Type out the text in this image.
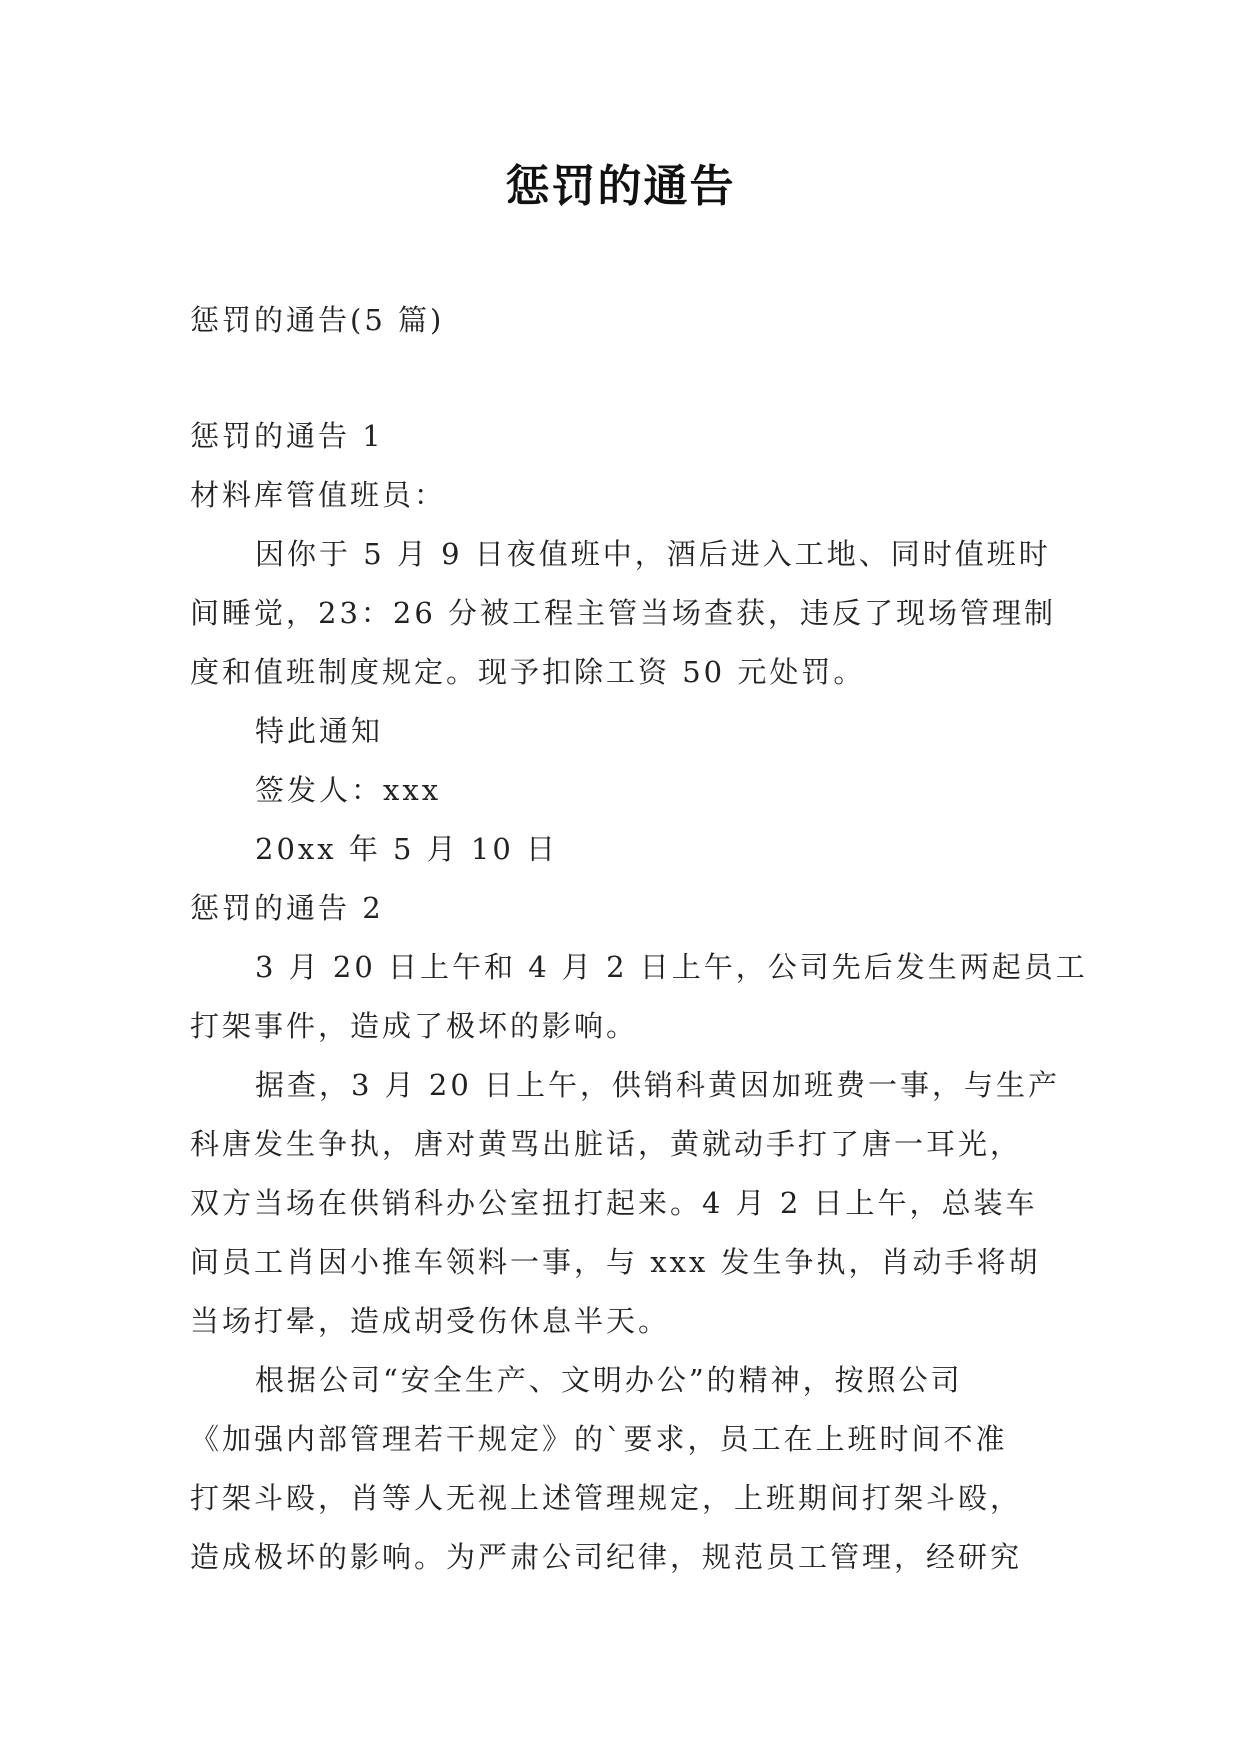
惩罚的通告
惩罚的通告(5 篇)
惩罚的通告 1
材料库管值班员：
因你于 5 月 9 日夜值班中，酒后进入工地、同时值班时
间睡觉，23：26 分被工程主管当场查获，违反了现场管理制
度和值班制度规定。现予扣除工资 50 元处罚。
特此通知
签发人：xxx
20xx 年 5 月 10 日
惩罚的通告 2
3 月 20 日上午和 4 月 2 日上午，公司先后发生两起员工
打架事件，造成了极坏的影响。
据查，3 月 20 日上午，供销科黄因加班费一事，与生产
科唐发生争执，唐对黄骂出脏话，黄就动手打了唐一耳光，
双方当场在供销科办公室扭打起来。4 月 2 日上午，总装车
间员工肖因小推车领料一事，与 xxx 发生争执，肖动手将胡
当场打晕，造成胡受伤休息半天。
根据公司“安全生产、文明办公”的精神，按照公司
《加强内部管理若干规定》的`要求，员工在上班时间不准
打架斗殴，肖等人无视上述管理规定，上班期间打架斗殴，
造成极坏的影响。为严肃公司纪律，规范员工管理，经研究
